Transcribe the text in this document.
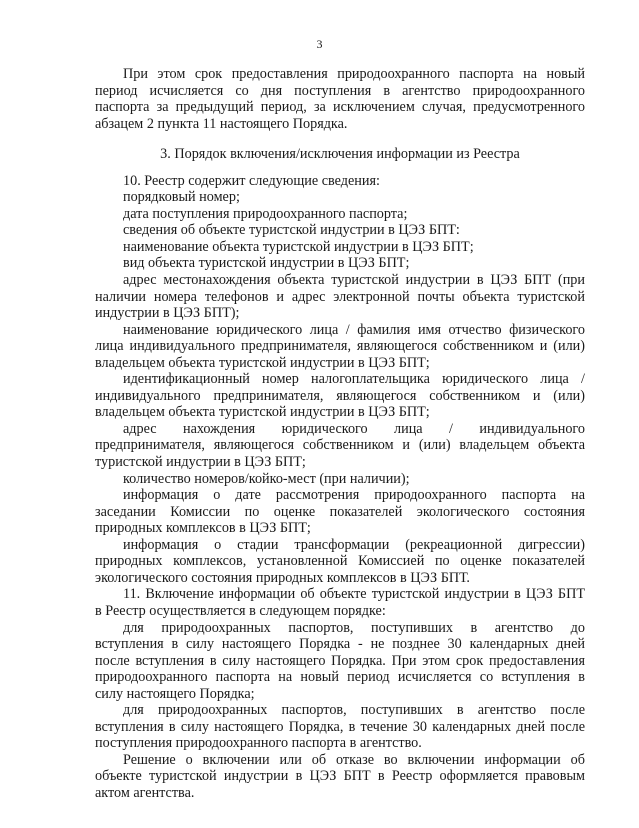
3
При этом срок предоставления природоохранного паспорта на новый
период исчисляется со дня поступления в агентство природоохранного
паспорта за предыдущий период, за исключением случая, предусмотренного
абзацем 2 пункта 11 настоящего Порядка.
3. Порядок включения/исключения информации из Реестра
10. Реестр содержит следующие сведения:
порядковый номер;
дата поступления природоохранного паспорта;
сведения об объекте туристской индустрии в ЦЭЗ БПТ:
наименование объекта туристской индустрии в ЦЭЗ БПТ;
вид объекта туристской индустрии в ЦЭЗ БПТ;
адрес местонахождения объекта туристской индустрии в ЦЭЗ БПТ (при
наличии номера телефонов и адрес электронной почты объекта туристской
индустрии в ЦЭЗ БПТ);
наименование юридического лица / фамилия имя отчество физического
лица индивидуального предпринимателя, являющегося собственником и (или)
владельцем объекта туристской индустрии в ЦЭЗ БПТ;
идентификационный номер налогоплательщика юридического лица /
индивидуального предпринимателя, являющегося собственником и (или)
владельцем объекта туристской индустрии в ЦЭЗ БПТ;
адрес нахождения юридического лица / индивидуального
предпринимателя, являющегося собственником и (или) владельцем объекта
туристской индустрии в ЦЭЗ БПТ;
количество номеров/койко-мест (при наличии);
информация о дате рассмотрения природоохранного паспорта на
заседании Комиссии по оценке показателей экологического состояния
природных комплексов в ЦЭЗ БПТ;
информация о стадии трансформации (рекреационной дигрессии)
природных комплексов, установленной Комиссией по оценке показателей
экологического состояния природных комплексов в ЦЭЗ БПТ.
11. Включение информации об объекте туристской индустрии в ЦЭЗ БПТ
в Реестр осуществляется в следующем порядке:
для природоохранных паспортов, поступивших в агентство до
вступления в силу настоящего Порядка - не позднее 30 календарных дней
после вступления в силу настоящего Порядка. При этом срок предоставления
природоохранного паспорта на новый период исчисляется со вступления в
силу настоящего Порядка;
для природоохранных паспортов, поступивших в агентство после
вступления в силу настоящего Порядка, в течение 30 календарных дней после
поступления природоохранного паспорта в агентство.
Решение о включении или об отказе во включении информации об
объекте туристской индустрии в ЦЭЗ БПТ в Реестр оформляется правовым
актом агентства.
